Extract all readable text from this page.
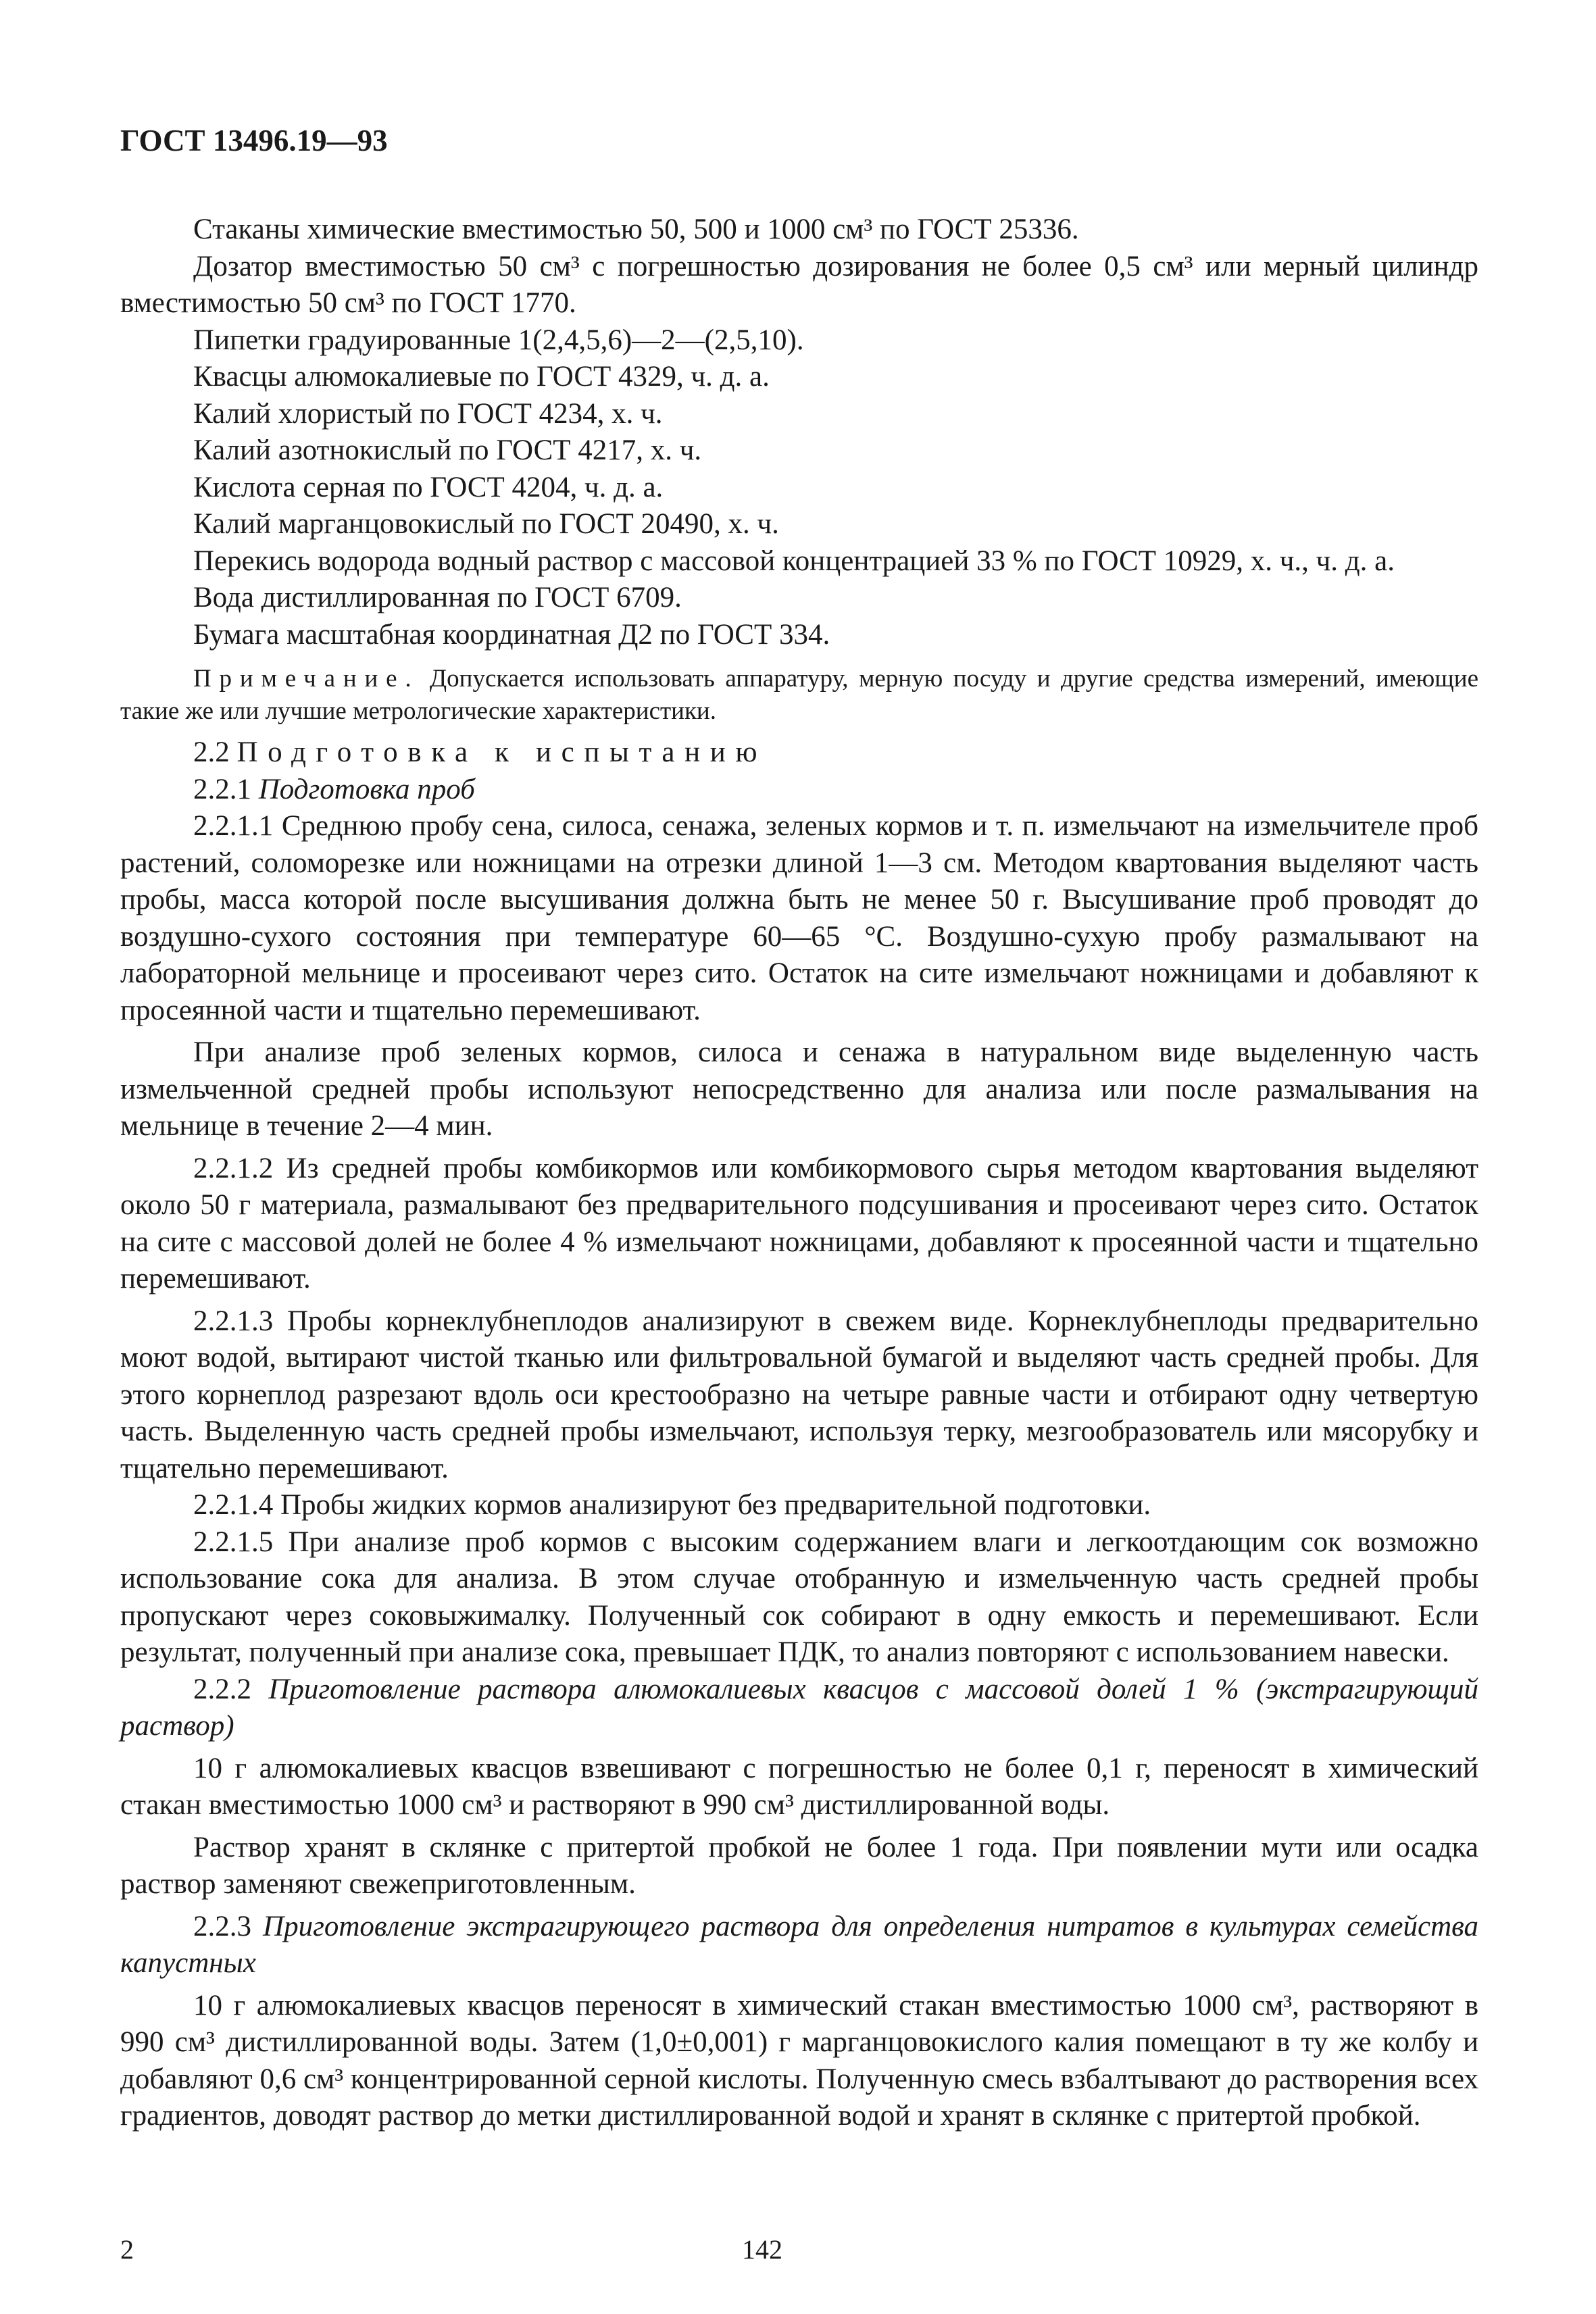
ГОСТ 13496.19—93

Стаканы химические вместимостью 50, 500 и 1000 см³ по ГОСТ 25336.

Дозатор вместимостью 50 см³ с погрешностью дозирования не более 0,5 см³ или мерный цилиндр вместимостью 50 см³ по ГОСТ 1770.

Пипетки градуированные 1(2,4,5,6)—2—(2,5,10).

Квасцы алюмокалиевые по ГОСТ 4329, ч. д. а.

Калий хлористый по ГОСТ 4234, х. ч.

Калий азотнокислый по ГОСТ 4217, х. ч.

Кислота серная по ГОСТ 4204, ч. д. а.

Калий марганцовокислый по ГОСТ 20490, х. ч.

Перекись водорода водный раствор с массовой концентрацией 33 % по ГОСТ 10929, х. ч., ч. д. а.

Вода дистиллированная по ГОСТ 6709.

Бумага масштабная координатная Д2 по ГОСТ 334.

Примечание. Допускается использовать аппаратуру, мерную посуду и другие средства измерений, имеющие такие же или лучшие метрологические характеристики.

2.2 Подготовка к испытанию

2.2.1 Подготовка проб

2.2.1.1 Среднюю пробу сена, силоса, сенажа, зеленых кормов и т. п. измельчают на измельчителе проб растений, соломорезке или ножницами на отрезки длиной 1—3 см. Методом квартования выделяют часть пробы, масса которой после высушивания должна быть не менее 50 г. Высушивание проб проводят до воздушно-сухого состояния при температуре 60—65 °С. Воздушно-сухую пробу размалывают на лабораторной мельнице и просеивают через сито. Остаток на сите измельчают ножницами и добавляют к просеянной части и тщательно перемешивают.

При анализе проб зеленых кормов, силоса и сенажа в натуральном виде выделенную часть измельченной средней пробы используют непосредственно для анализа или после размалывания на мельнице в течение 2—4 мин.

2.2.1.2 Из средней пробы комбикормов или комбикормового сырья методом квартования выделяют около 50 г материала, размалывают без предварительного подсушивания и просеивают через сито. Остаток на сите с массовой долей не более 4 % измельчают ножницами, добавляют к просеянной части и тщательно перемешивают.

2.2.1.3 Пробы корнеклубнеплодов анализируют в свежем виде. Корнеклубнеплоды предварительно моют водой, вытирают чистой тканью или фильтровальной бумагой и выделяют часть средней пробы. Для этого корнеплод разрезают вдоль оси крестообразно на четыре равные части и отбирают одну четвертую часть. Выделенную часть средней пробы измельчают, используя терку, мезгообразователь или мясорубку и тщательно перемешивают.

2.2.1.4 Пробы жидких кормов анализируют без предварительной подготовки.

2.2.1.5 При анализе проб кормов с высоким содержанием влаги и легкоотдающим сок возможно использование сока для анализа. В этом случае отобранную и измельченную часть средней пробы пропускают через соковыжималку. Полученный сок собирают в одну емкость и перемешивают. Если результат, полученный при анализе сока, превышает ПДК, то анализ повторяют с использованием навески.

2.2.2 Приготовление раствора алюмокалиевых квасцов с массовой долей 1 % (экстрагирующий раствор)

10 г алюмокалиевых квасцов взвешивают с погрешностью не более 0,1 г, переносят в химический стакан вместимостью 1000 см³ и растворяют в 990 см³ дистиллированной воды.

Раствор хранят в склянке с притертой пробкой не более 1 года. При появлении мути или осадка раствор заменяют свежеприготовленным.

2.2.3 Приготовление экстрагирующего раствора для определения нитратов в культурах семейства капустных

10 г алюмокалиевых квасцов переносят в химический стакан вместимостью 1000 см³, растворяют в 990 см³ дистиллированной воды. Затем (1,0±0,001) г марганцовокислого калия помещают в ту же колбу и добавляют 0,6 см³ концентрированной серной кислоты. Полученную смесь взбалтывают до растворения всех градиентов, доводят раствор до метки дистиллированной водой и хранят в склянке с притертой пробкой.

2	142
